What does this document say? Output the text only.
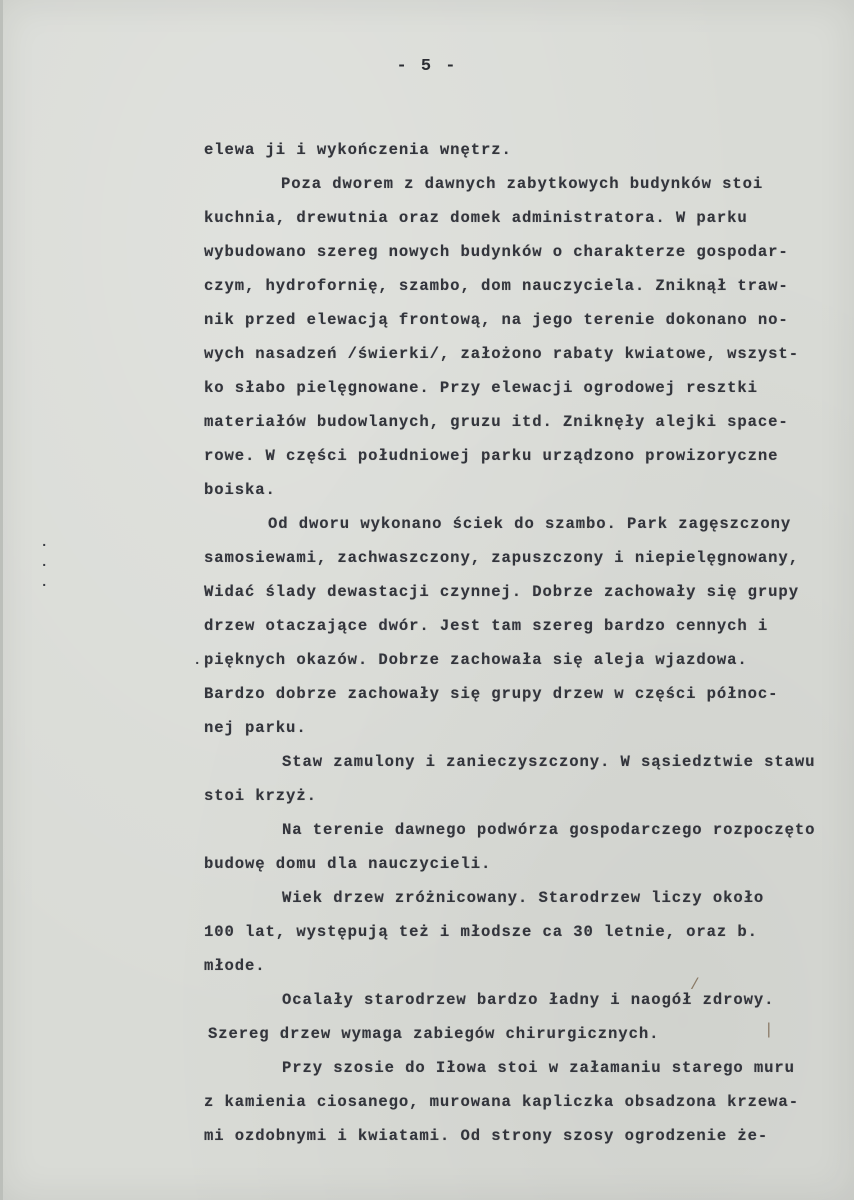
- 5 -
elewa ji i wykończenia wnętrz.
Poza dworem z dawnych zabytkowych budynków stoi
kuchnia, drewutnia oraz domek administratora. W parku
wybudowano szereg nowych budynków o charakterze gospodar-
czym, hydrofornię, szambo, dom nauczyciela. Zniknął traw-
nik przed elewacją frontową, na jego terenie dokonano no-
wych nasadzeń /świerki/, założono rabaty kwiatowe, wszyst-
ko słabo pielęgnowane. Przy elewacji ogrodowej resztki
materiałów budowlanych, gruzu itd. Zniknęły alejki space-
rowe. W części południowej parku urządzono prowizoryczne
boiska.
Od dworu wykonano ściek do szambo. Park zagęszczony
samosiewami, zachwaszczony, zapuszczony i niepielęgnowany,
Widać ślady dewastacji czynnej. Dobrze zachowały się grupy
drzew otaczające dwór. Jest tam szereg bardzo cennych i
pięknych okazów. Dobrze zachowała się aleja wjazdowa.
Bardzo dobrze zachowały się grupy drzew w części północ-
nej parku.
Staw zamulony i zanieczyszczony. W sąsiedztwie stawu
stoi krzyż.
Na terenie dawnego podwórza gospodarczego rozpoczęto
budowę domu dla nauczycieli.
Wiek drzew zróżnicowany. Starodrzew liczy około
100 lat, występują też i młodsze ca 30 letnie, oraz b.
młode.
Ocalały starodrzew bardzo ładny i naogół zdrowy.
Szereg drzew wymaga zabiegów chirurgicznych.
Przy szosie do Iłowa stoi w załamaniu starego muru
z kamienia ciosanego, murowana kapliczka obsadzona krzewa-
mi ozdobnymi i kwiatami. Od strony szosy ogrodzenie że-
·
·
·
·
/
|
